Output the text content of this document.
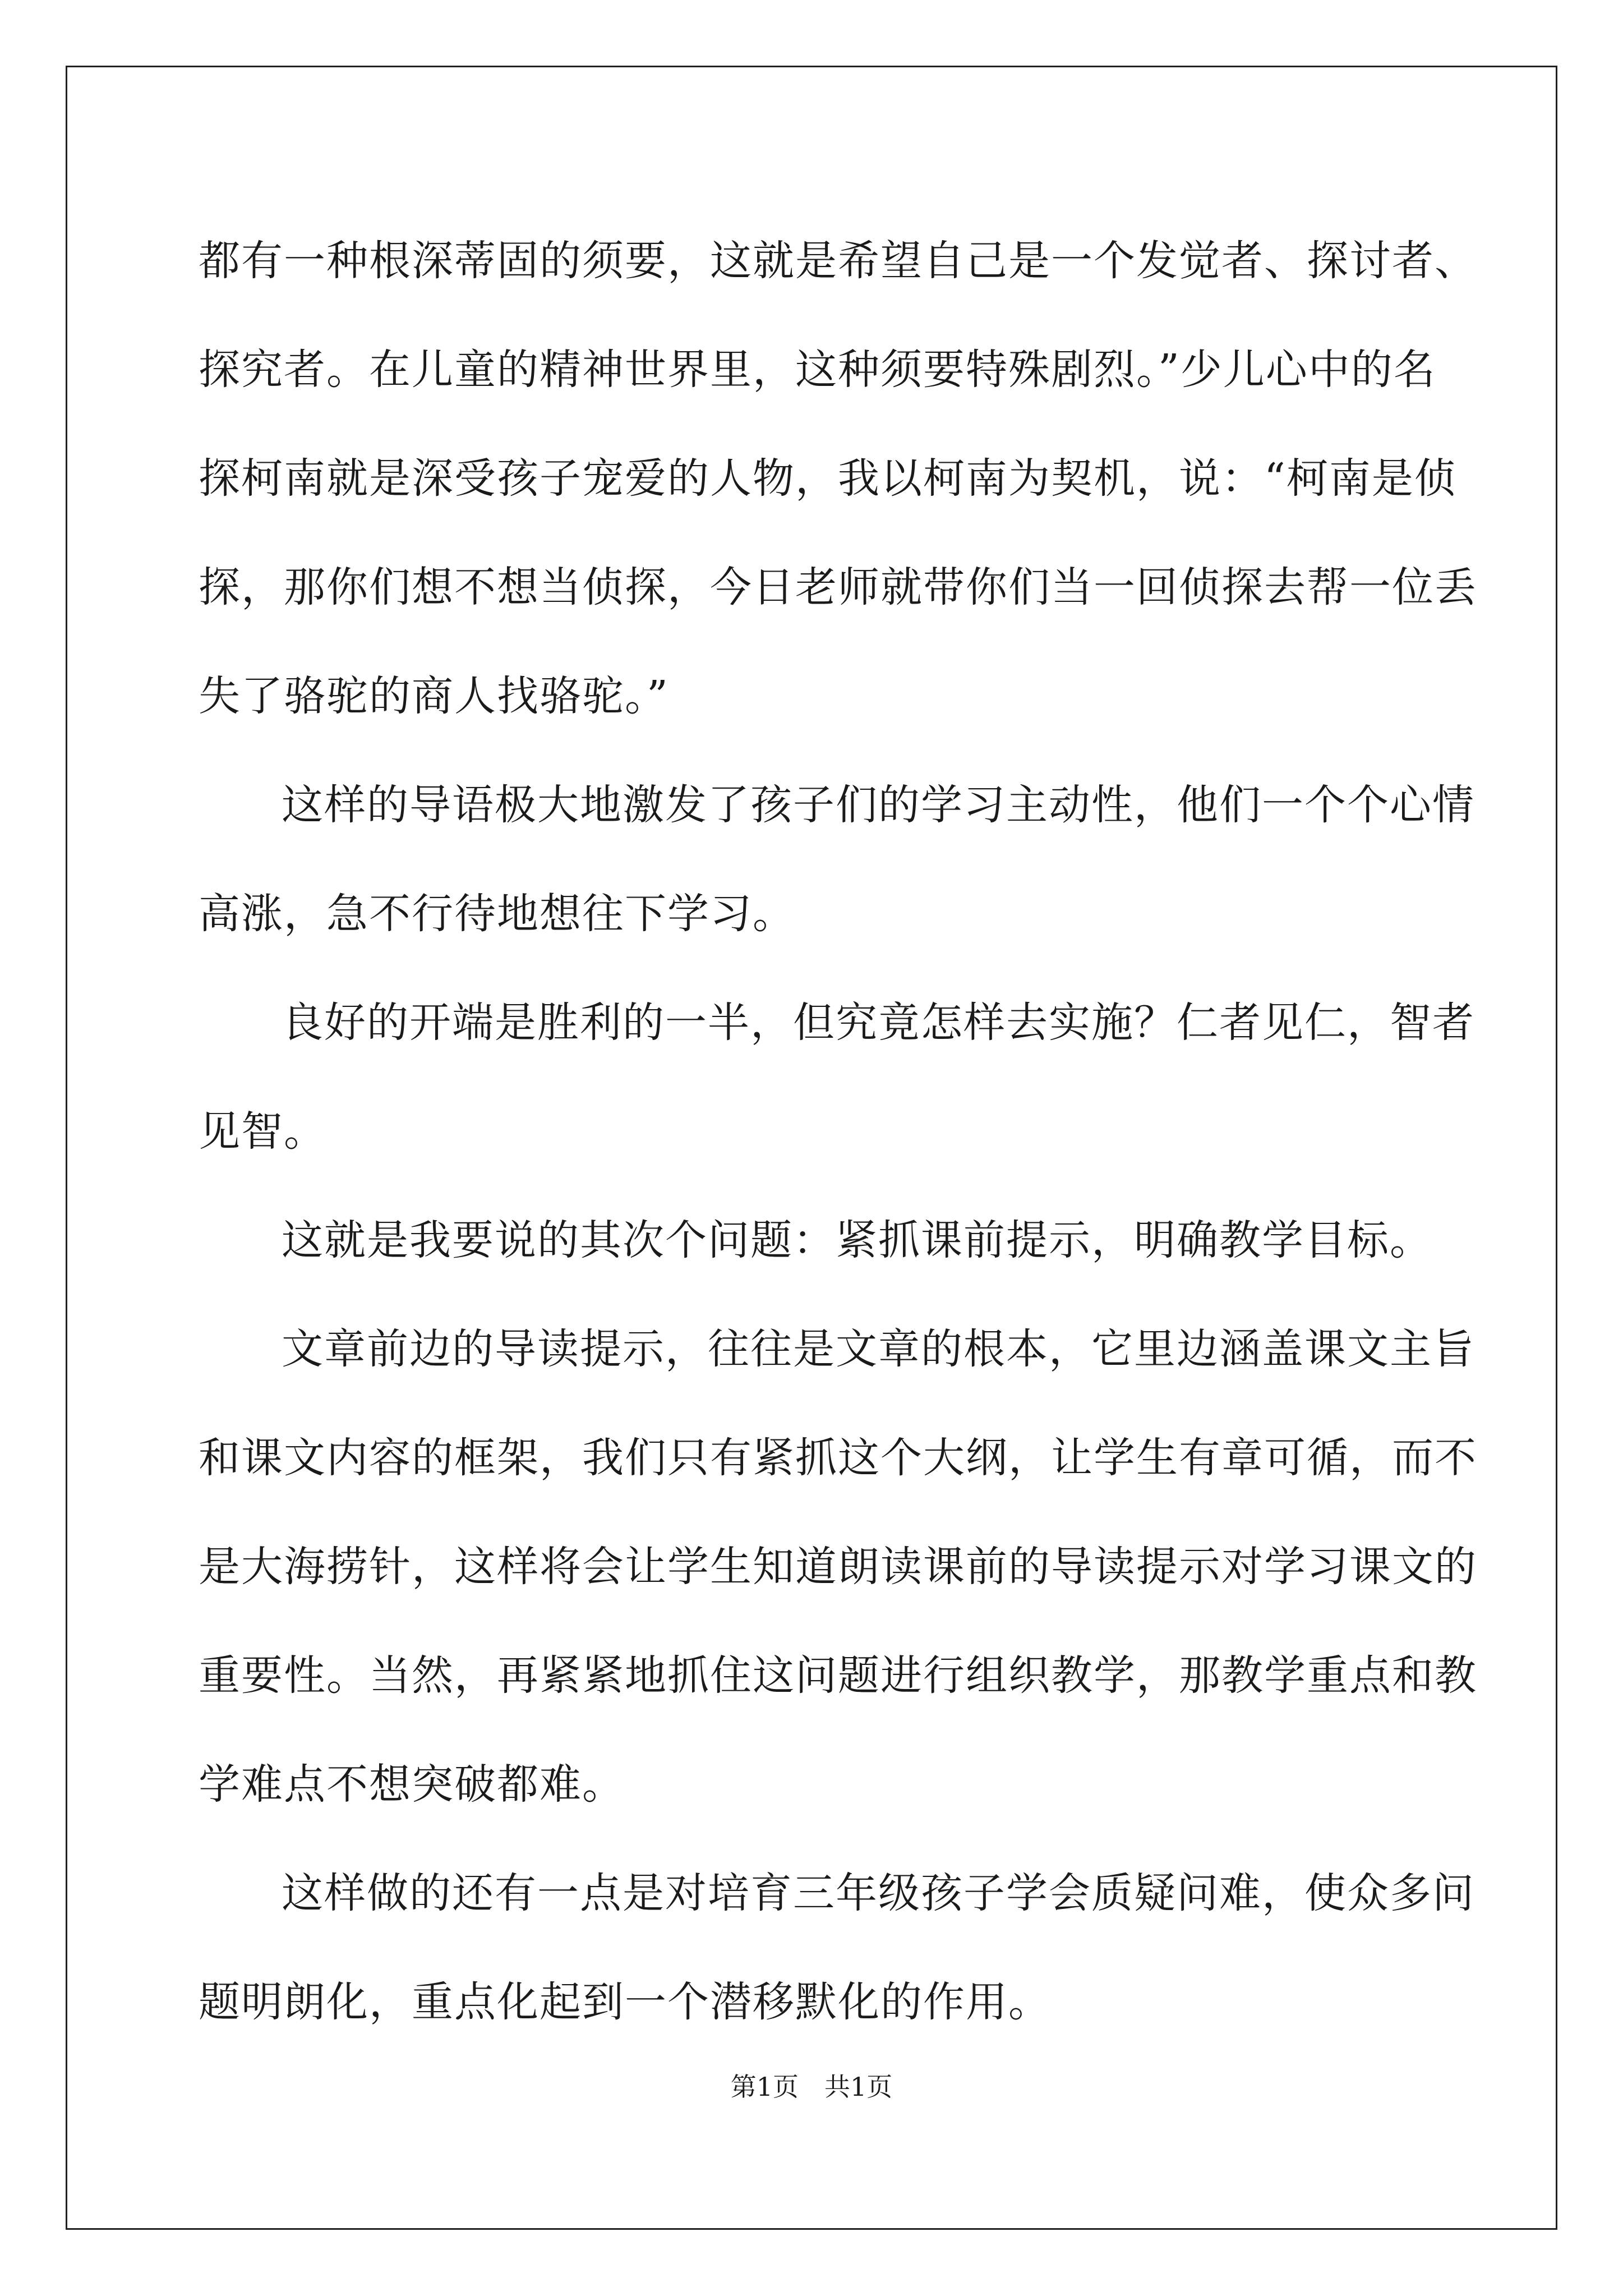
都有一种根深蒂固的须要，这就是希望自己是一个发觉者、探讨者、
探究者。在儿童的精神世界里，这种须要特殊剧烈。”少儿心中的名
探柯南就是深受孩子宠爱的人物，我以柯南为契机，说：“柯南是侦
探，那你们想不想当侦探，今日老师就带你们当一回侦探去帮一位丢
失了骆驼的商人找骆驼。”
这样的导语极大地激发了孩子们的学习主动性，他们一个个心情
高涨，急不行待地想往下学习。
良好的开端是胜利的一半，但究竟怎样去实施？仁者见仁，智者
见智。
这就是我要说的其次个问题：紧抓课前提示，明确教学目标。
文章前边的导读提示，往往是文章的根本，它里边涵盖课文主旨
和课文内容的框架，我们只有紧抓这个大纲，让学生有章可循，而不
是大海捞针，这样将会让学生知道朗读课前的导读提示对学习课文的
重要性。当然，再紧紧地抓住这问题进行组织教学，那教学重点和教
学难点不想突破都难。
这样做的还有一点是对培育三年级孩子学会质疑问难，使众多问
题明朗化，重点化起到一个潜移默化的作用。
第1页　共1页
